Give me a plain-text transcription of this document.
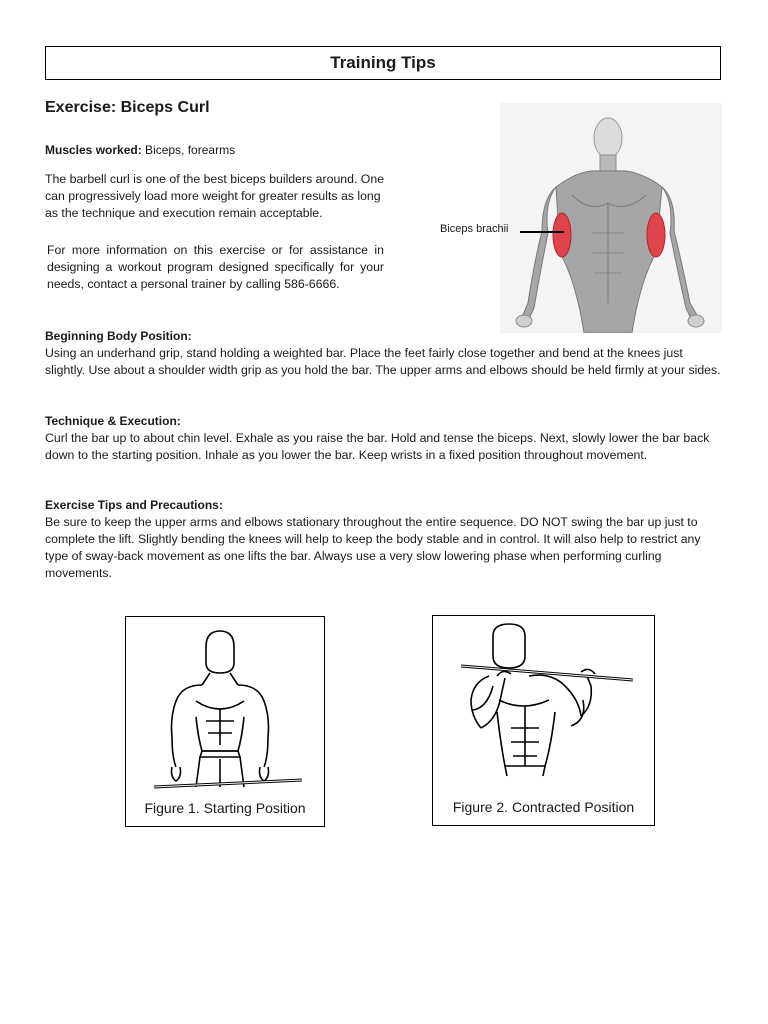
Training Tips
Exercise: Biceps Curl
Muscles worked: Biceps, forearms
The barbell curl is one of the best biceps builders around. One can progressively load more weight for greater results as long as the technique and execution remain acceptable.
For more information on this exercise or for assistance in designing a workout program designed specifically for your needs, contact a personal trainer by calling 586-6666.
Biceps brachii
Beginning Body Position:

Using an underhand grip, stand holding a weighted bar. Place the feet fairly close together and bend at the knees just slightly. Use about a shoulder width grip as you hold the bar. The upper arms and elbows should be held firmly at your sides.

Technique & Execution:

Curl the bar up to about chin level. Exhale as you raise the bar. Hold and tense the biceps. Next, slowly lower the bar back down to the starting position. Inhale as you lower the bar. Keep wrists in a fixed position throughout movement.

Exercise Tips and Precautions:

Be sure to keep the upper arms and elbows stationary throughout the entire sequence. DO NOT swing the bar up just to complete the lift. Slightly bending the knees will help to keep the body stable and in control. It will also help to restrict any type of sway-back movement as one lifts the bar. Always use a very slow lowering phase when performing curling movements.

Figure 1. Starting Position	Figure 2. Contracted Position
